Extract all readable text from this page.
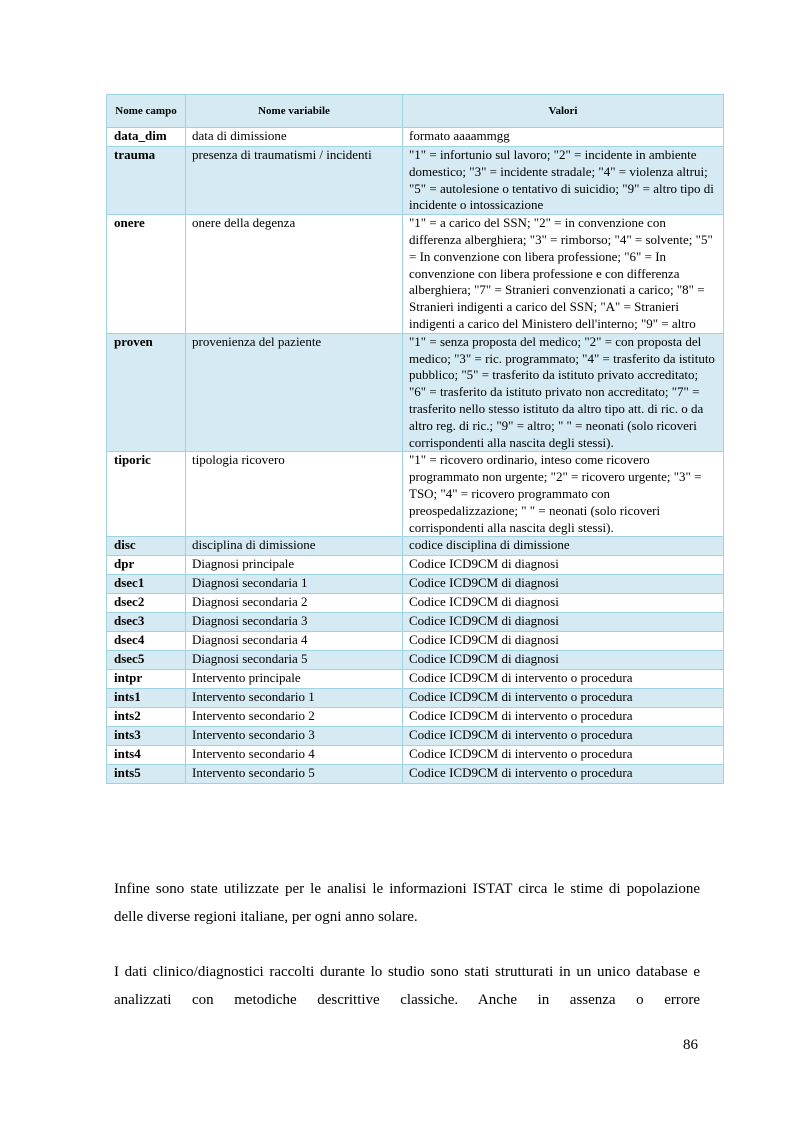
Nome campo	Nome variabile	Valori
data_dim	data di dimissione	formato aaaammgg
trauma	presenza di traumatismi / incidenti	"1" = infortunio sul lavoro; "2" = incidente in ambiente domestico; "3" = incidente stradale; "4" = violenza altrui; "5" = autolesione o tentativo di suicidio; "9" = altro tipo di incidente o intossicazione
onere	onere della degenza	"1" = a carico del SSN; "2" = in convenzione con differenza alberghiera; "3" = rimborso; "4" = solvente; "5" = In convenzione con libera professione; "6" = In convenzione con libera professione e con differenza alberghiera; "7" = Stranieri convenzionati a carico; "8" = Stranieri indigenti a carico del SSN; "A" = Stranieri indigenti a carico del Ministero dell'interno; "9" = altro
proven	provenienza del paziente	"1" = senza proposta del medico; "2" = con proposta del medico; "3" = ric. programmato; "4" = trasferito da istituto pubblico; "5" = trasferito da istituto privato accreditato; "6" = trasferito da istituto privato non accreditato; "7" = trasferito nello stesso istituto da altro tipo att. di ric. o da altro reg. di ric.; "9" = altro; " " = neonati (solo ricoveri corrispondenti alla nascita degli stessi).
tiporic	tipologia ricovero	"1" = ricovero ordinario, inteso come ricovero programmato non urgente; "2" = ricovero urgente; "3" = TSO; "4" = ricovero programmato con preospedalizzazione; " " = neonati (solo ricoveri corrispondenti alla nascita degli stessi).
disc	disciplina di dimissione	codice disciplina di dimissione
dpr	Diagnosi principale	Codice ICD9CM di diagnosi
dsec1	Diagnosi secondaria 1	Codice ICD9CM di diagnosi
dsec2	Diagnosi secondaria 2	Codice ICD9CM di diagnosi
dsec3	Diagnosi secondaria 3	Codice ICD9CM di diagnosi
dsec4	Diagnosi secondaria 4	Codice ICD9CM di diagnosi
dsec5	Diagnosi secondaria 5	Codice ICD9CM di diagnosi
intpr	Intervento principale	Codice ICD9CM di intervento o procedura
ints1	Intervento secondario 1	Codice ICD9CM di intervento o procedura
ints2	Intervento secondario 2	Codice ICD9CM di intervento o procedura
ints3	Intervento secondario 3	Codice ICD9CM di intervento o procedura
ints4	Intervento secondario 4	Codice ICD9CM di intervento o procedura
ints5	Intervento secondario 5	Codice ICD9CM di intervento o procedura

Infine sono state utilizzate per le analisi le informazioni ISTAT circa le stime di popolazione delle diverse regioni italiane, per ogni anno solare.

I dati clinico/diagnostici raccolti durante lo studio sono stati strutturati in un unico database e analizzati con metodiche descrittive classiche. Anche in assenza o errore

86
